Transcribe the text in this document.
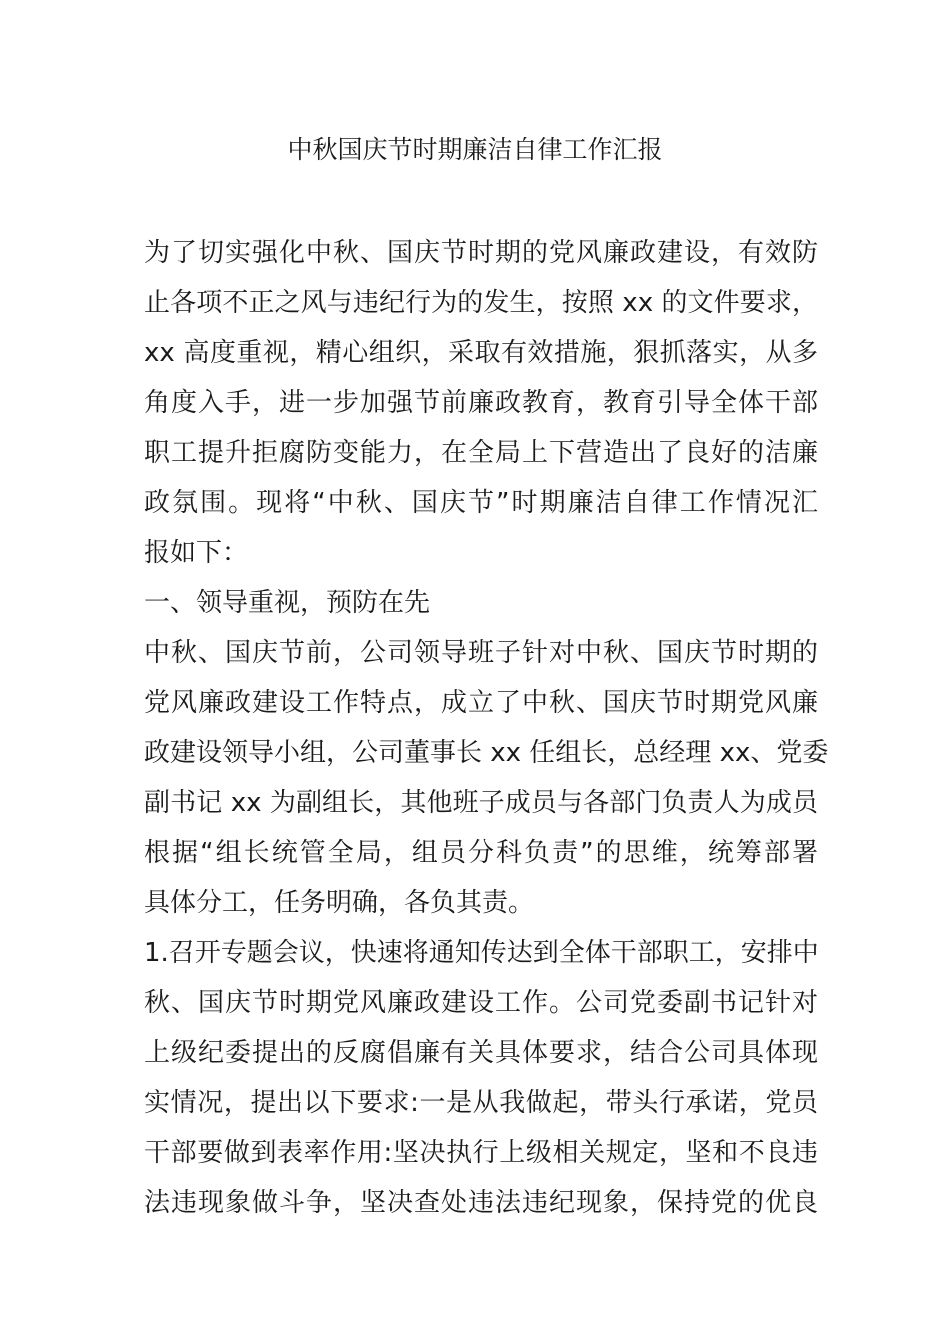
中秋国庆节时期廉洁自律工作汇报
为了切实强化中秋、国庆节时期的党风廉政建设，有效防
止各项不正之风与违纪行为的发生，按照 xx 的文件要求，
xx 高度重视，精心组织，采取有效措施，狠抓落实，从多
角度入手，进一步加强节前廉政教育，教育引导全体干部
职工提升拒腐防变能力，在全局上下营造出了良好的洁廉
政氛围。现将“中秋、国庆节”时期廉洁自律工作情况汇
报如下：
一、领导重视，预防在先
中秋、国庆节前，公司领导班子针对中秋、国庆节时期的
党风廉政建设工作特点，成立了中秋、国庆节时期党风廉
政建设领导小组，公司董事长 xx 任组长，总经理 xx、党委
副书记 xx 为副组长，其他班子成员与各部门负责人为成员
根据“组长统管全局，组员分科负责”的思维，统筹部署
具体分工，任务明确，各负其责。
1.召开专题会议，快速将通知传达到全体干部职工，安排中
秋、国庆节时期党风廉政建设工作。公司党委副书记针对
上级纪委提出的反腐倡廉有关具体要求，结合公司具体现
实情况，提出以下要求:一是从我做起，带头行承诺，党员
干部要做到表率作用:坚决执行上级相关规定，坚和不良违
法违现象做斗争，坚决查处违法违纪现象，保持党的优良
